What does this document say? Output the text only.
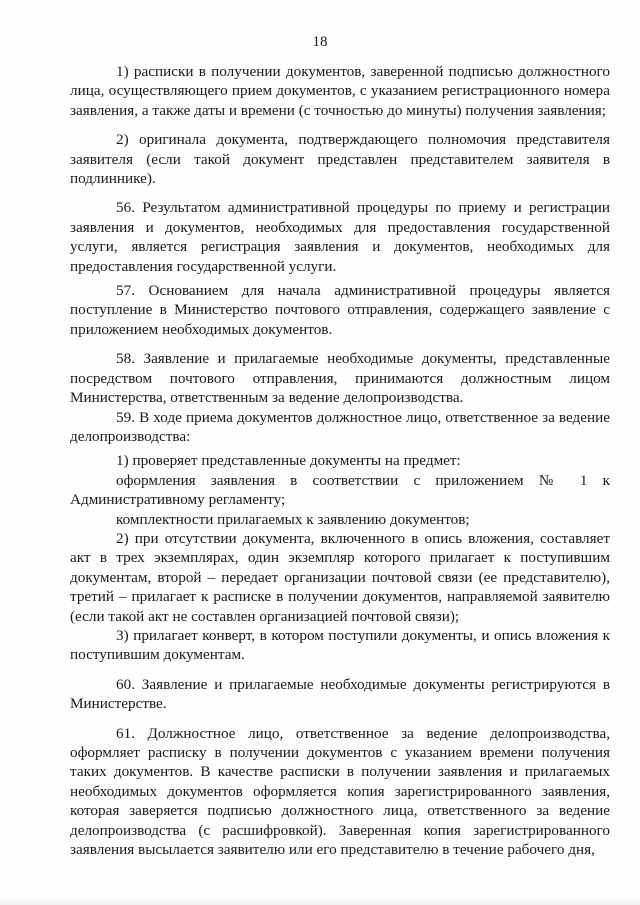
18

1) расписки в получении документов, заверенной подписью должностного лица, осуществляющего прием документов, с указанием регистрационного номера заявления, а также даты и времени (с точностью до минуты) получения заявления;

2) оригинала документа, подтверждающего полномочия представителя заявителя (если такой документ представлен представителем заявителя в подлиннике).

56. Результатом административной процедуры по приему и регистрации заявления и документов, необходимых для предоставления государственной услуги, является регистрация заявления и документов, необходимых для предоставления государственной услуги.

57. Основанием для начала административной процедуры является поступление в Министерство почтового отправления, содержащего заявление с приложением необходимых документов.

58. Заявление и прилагаемые необходимые документы, представленные посредством почтового отправления, принимаются должностным лицом Министерства, ответственным за ведение делопроизводства.

59. В ходе приема документов должностное лицо, ответственное за ведение делопроизводства:

1) проверяет представленные документы на предмет:

оформления заявления в соответствии с приложением № 1 к Административному регламенту;

комплектности прилагаемых к заявлению документов;

2) при отсутствии документа, включенного в опись вложения, составляет акт в трех экземплярах, один экземпляр которого прилагает к поступившим документам, второй – передает организации почтовой связи (ее представителю), третий – прилагает к расписке в получении документов, направляемой заявителю (если такой акт не составлен организацией почтовой связи);

3) прилагает конверт, в котором поступили документы, и опись вложения к поступившим документам.

60. Заявление и прилагаемые необходимые документы регистрируются в Министерстве.

61. Должностное лицо, ответственное за ведение делопроизводства, оформляет расписку в получении документов с указанием времени получения таких документов. В качестве расписки в получении заявления и прилагаемых необходимых документов оформляется копия зарегистрированного заявления, которая заверяется подписью должностного лица, ответственного за ведение делопроизводства (с расшифровкой). Заверенная копия зарегистрированного заявления высылается заявителю или его представителю в течение рабочего дня,
